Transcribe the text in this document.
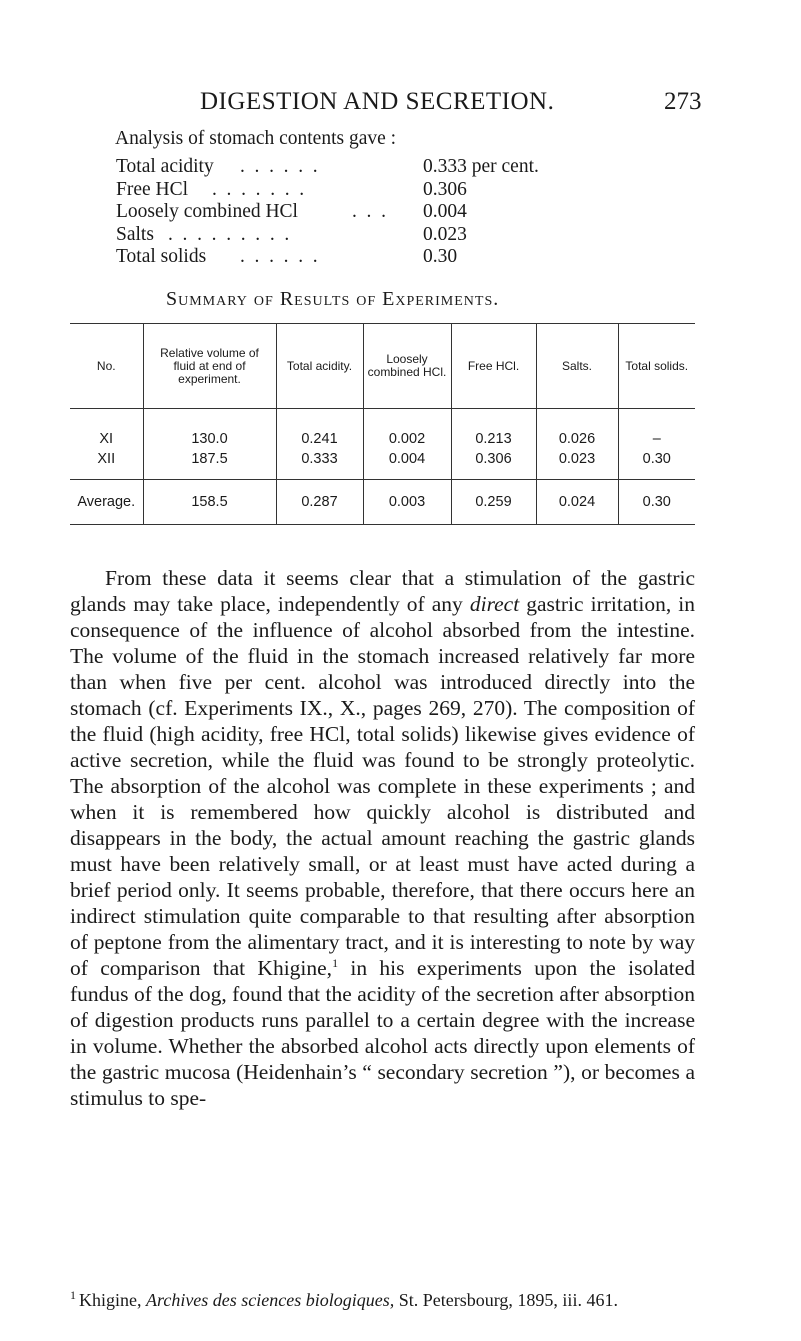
DIGESTION AND SECRETION.	273
Analysis of stomach contents gave :
Total acidity . . . . . .	0.333 per cent.
Free HCl . . . . . . .	0.306
Loosely combined HCl	. . . 0.004
Salts . . . . . . . . .	0.023
Total solids . . . . . .	0.30
Summary of Results of Experiments.
No.	Relative volume of fluid at end of experiment.	Total acidity.	Loosely combined HCl.	Free HCl.	Salts.	Total solids.
XI	130.0	0.241	0.002	0.213	0.026	–
XII	187.5	0.333	0.004	0.306	0.023	0.30
Average.	158.5	0.287	0.003	0.259	0.024	0.30

From these data it seems clear that a stimulation of the gastric glands may take place, independently of any direct gastric irritation, in consequence of the influence of alcohol absorbed from the intestine. The volume of the fluid in the stomach increased relatively far more than when five per cent. alcohol was introduced directly into the stomach (cf. Experiments IX., X., pages 269, 270). The composition of the fluid (high acidity, free HCl, total solids) likewise gives evidence of active secretion, while the fluid was found to be strongly proteolytic. The absorption of the alcohol was complete in these experiments ; and when it is remembered how quickly alcohol is distributed and disappears in the body, the actual amount reaching the gastric glands must have been relatively small, or at least must have acted during a brief period only. It seems probable, therefore, that there occurs here an indirect stimulation quite comparable to that resulting after absorption of peptone from the alimentary tract, and it is interesting to note by way of comparison that Khigine,$^1$ in his experiments upon the isolated fundus of the dog, found that the acidity of the secretion after absorption of digestion products runs parallel to a certain degree with the increase in volume. Whether the absorbed alcohol acts directly upon elements of the gastric mucosa (Heidenhain’s “ secondary secretion ”), or becomes a stimulus to spe-

$^1$ Khigine, Archives des sciences biologiques, St. Petersbourg, 1895, iii. 461.
